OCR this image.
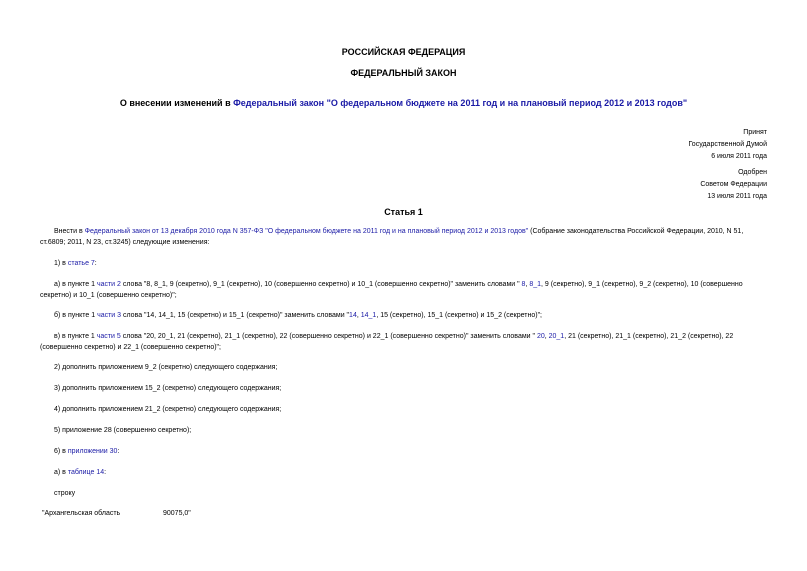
РОССИЙСКАЯ ФЕДЕРАЦИЯ
ФЕДЕРАЛЬНЫЙ ЗАКОН
О внесении изменений в Федеральный закон "О федеральном бюджете на 2011 год и на плановый период 2012 и 2013 годов"
Принят
Государственной Думой
6 июля 2011 года
Одобрен
Советом Федерации
13 июля 2011 года
Статья 1
Внести в Федеральный закон от 13 декабря 2010 года N 357-ФЗ "О федеральном бюджете на 2011 год и на плановый период 2012 и 2013 годов" (Собрание законодательства Российской Федерации, 2010, N 51, ст.6809; 2011, N 23, ст.3245) следующие изменения:
1) в статье 7:
а) в пункте 1 части 2 слова "8, 8_1, 9 (секретно), 9_1 (секретно), 10 (совершенно секретно) и 10_1 (совершенно секретно)" заменить словами " 8, 8_1, 9 (секретно), 9_1 (секретно), 9_2 (секретно), 10 (совершенно секретно) и 10_1 (совершенно секретно)";
б) в пункте 1 части 3 слова "14, 14_1, 15 (секретно) и 15_1 (секретно)" заменить словами "14, 14_1, 15 (секретно), 15_1 (секретно) и 15_2 (секретно)";
в) в пункте 1 части 5 слова "20, 20_1, 21 (секретно), 21_1 (секретно), 22 (совершенно секретно) и 22_1 (совершенно секретно)" заменить словами " 20, 20_1, 21 (секретно), 21_1 (секретно), 21_2 (секретно), 22 (совершенно секретно) и 22_1 (совершенно секретно)";
2) дополнить приложением 9_2 (секретно) следующего содержания;
3) дополнить приложением 15_2 (секретно) следующего содержания;
4) дополнить приложением 21_2 (секретно) следующего содержания;
5) приложение 28 (совершенно секретно);
6) в приложении 30:
а) в таблице 14:
строку
"Архангельская область	90075,0"
